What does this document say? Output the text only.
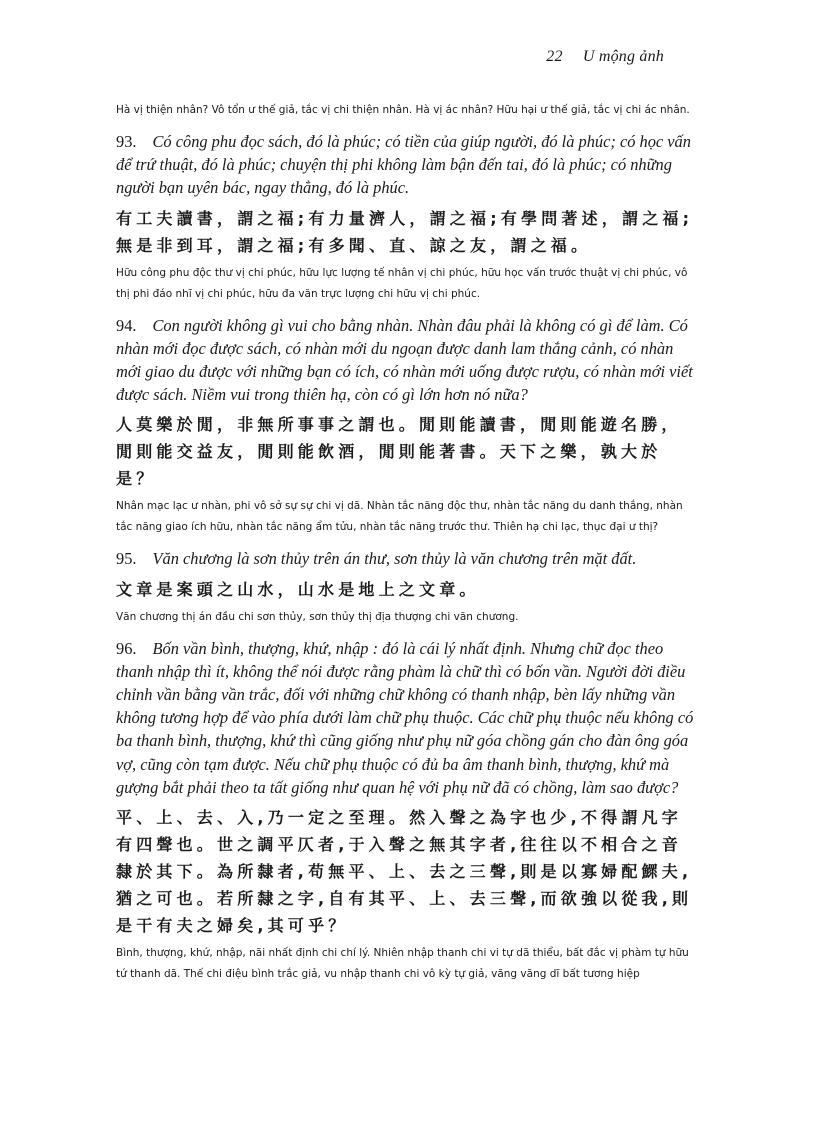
22 U mộng ảnh

Hà vị thiện nhân? Vô tổn ư thế giả, tắc vị chi thiện nhân. Hà vị ác nhân? Hữu hại ư thế giả, tắc vị chi ác nhân.

93. Có công phu đọc sách, đó là phúc; có tiền của giúp người, đó là phúc; có học vấn để trứ thuật, đó là phúc; chuyện thị phi không làm bận đến tai, đó là phúc; có những người bạn uyên bác, ngay thẳng, đó là phúc.

有工夫讀書，謂之福;有力量濟人，謂之福;有學問著述，謂之福;無是非到耳，謂之福;有多聞、直、諒之友，謂之福。

Hữu công phu độc thư vị chi phúc, hữu lực lượng tế nhân vị chi phúc, hữu học vấn trước thuật vị chi phúc, vô thị phi đáo nhĩ vị chi phúc, hữu đa văn trực lượng chi hữu vị chi phúc.

94. Con người không gì vui cho bằng nhàn. Nhàn đâu phải là không có gì để làm. Có nhàn mới đọc được sách, có nhàn mới du ngoạn được danh lam thắng cảnh, có nhàn mới giao du được với những bạn có ích, có nhàn mới uống được rượu, có nhàn mới viết được sách. Niềm vui trong thiên hạ, còn có gì lớn hơn nó nữa?

人莫樂於閒，非無所事事之謂也。閒則能讀書，閒則能遊名勝，閒則能交益友，閒則能飲酒，閒則能著書。天下之樂，孰大於是？

Nhân mạc lạc ư nhàn, phi vô sở sự sự chi vị dã. Nhàn tắc năng độc thư, nhàn tắc năng du danh thắng, nhàn tắc năng giao ích hữu, nhàn tắc năng ẩm tửu, nhàn tắc năng trước thư. Thiên hạ chi lạc, thục đại ư thị?

95. Văn chương là sơn thủy trên án thư, sơn thủy là văn chương trên mặt đất.

文章是案頭之山水，山水是地上之文章。

Văn chương thị án đầu chi sơn thủy, sơn thủy thị địa thượng chi văn chương.

96. Bốn vần bình, thượng, khứ, nhập : đó là cái lý nhất định. Nhưng chữ đọc theo thanh nhập thì ít, không thể nói được rằng phàm là chữ thì có bốn vần. Người đời điều chỉnh vần bằng vần trắc, đối với những chữ không có thanh nhập, bèn lấy những vần không tương hợp để vào phía dưới làm chữ phụ thuộc. Các chữ phụ thuộc nếu không có ba thanh bình, thượng, khứ thì cũng giống như phụ nữ góa chồng gán cho đàn ông góa vợ, cũng còn tạm được. Nếu chữ phụ thuộc có đủ ba âm thanh bình, thượng, khứ mà gượng bắt phải theo ta tất giống như quan hệ với phụ nữ đã có chồng, làm sao được?

平、上、去、入,乃一定之至理。然入聲之為字也少,不得謂凡字有四聲也。世之調平仄者,于入聲之無其字者,往往以不相合之音隸於其下。為所隸者,苟無平、上、去之三聲,則是以寡婦配鰥夫,猶之可也。若所隸之字,自有其平、上、去三聲,而欲強以從我,則是干有夫之婦矣,其可乎？

Bình, thượng, khứ, nhập, nãi nhất định chi chí lý. Nhiên nhập thanh chi vi tự dã thiểu, bất đắc vị phàm tự hữu tứ thanh dã. Thế chi điệu bình trắc giả, vu nhập thanh chi vô kỳ tự giả, vãng vãng dĩ bất tương hiệp
